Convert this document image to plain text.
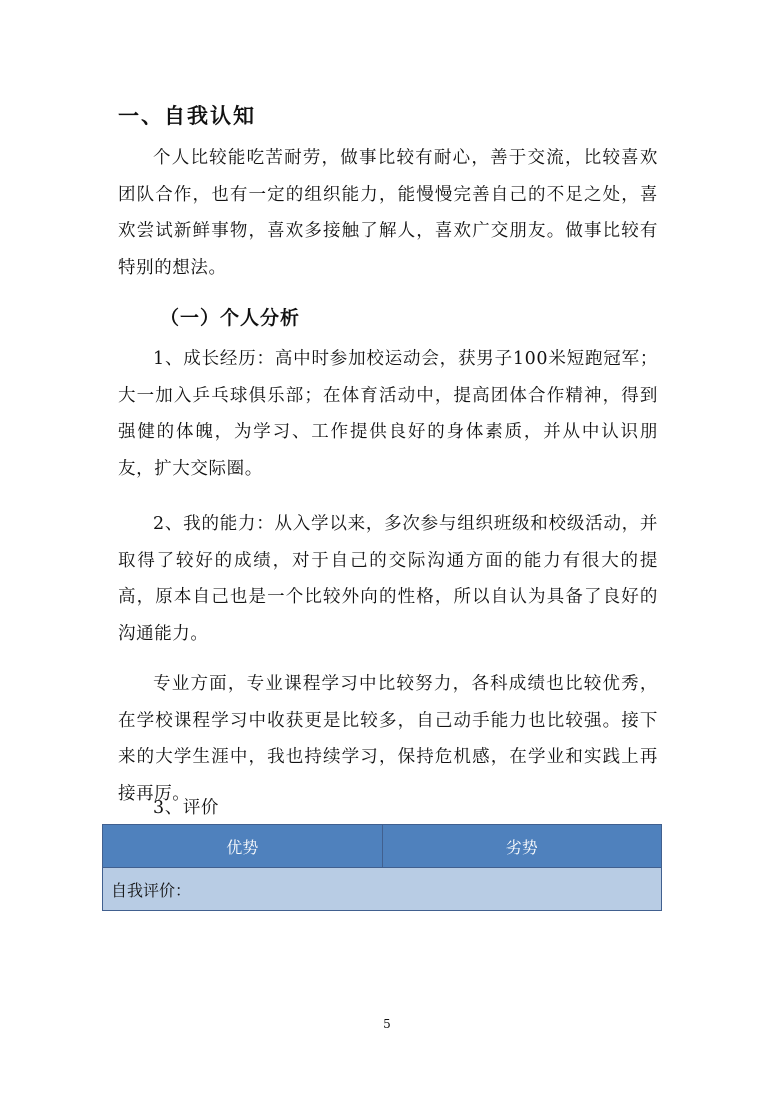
一、自我认知

个人比较能吃苦耐劳，做事比较有耐心，善于交流，比较喜欢团队合作，也有一定的组织能力，能慢慢完善自己的不足之处，喜欢尝试新鲜事物，喜欢多接触了解人，喜欢广交朋友。做事比较有特别的想法。

（一）个人分析

1、成长经历：高中时参加校运动会，获男子100米短跑冠军；大一加入乒乓球俱乐部；在体育活动中，提高团体合作精神，得到强健的体魄，为学习、工作提供良好的身体素质，并从中认识朋友，扩大交际圈。

2、我的能力：从入学以来，多次参与组织班级和校级活动，并取得了较好的成绩，对于自己的交际沟通方面的能力有很大的提高，原本自己也是一个比较外向的性格，所以自认为具备了良好的沟通能力。

专业方面，专业课程学习中比较努力，各科成绩也比较优秀，在学校课程学习中收获更是比较多，自己动手能力也比较强。接下来的大学生涯中，我也持续学习，保持危机感，在学业和实践上再接再厉。

3、评价

优势	劣势
自我评价：
5
